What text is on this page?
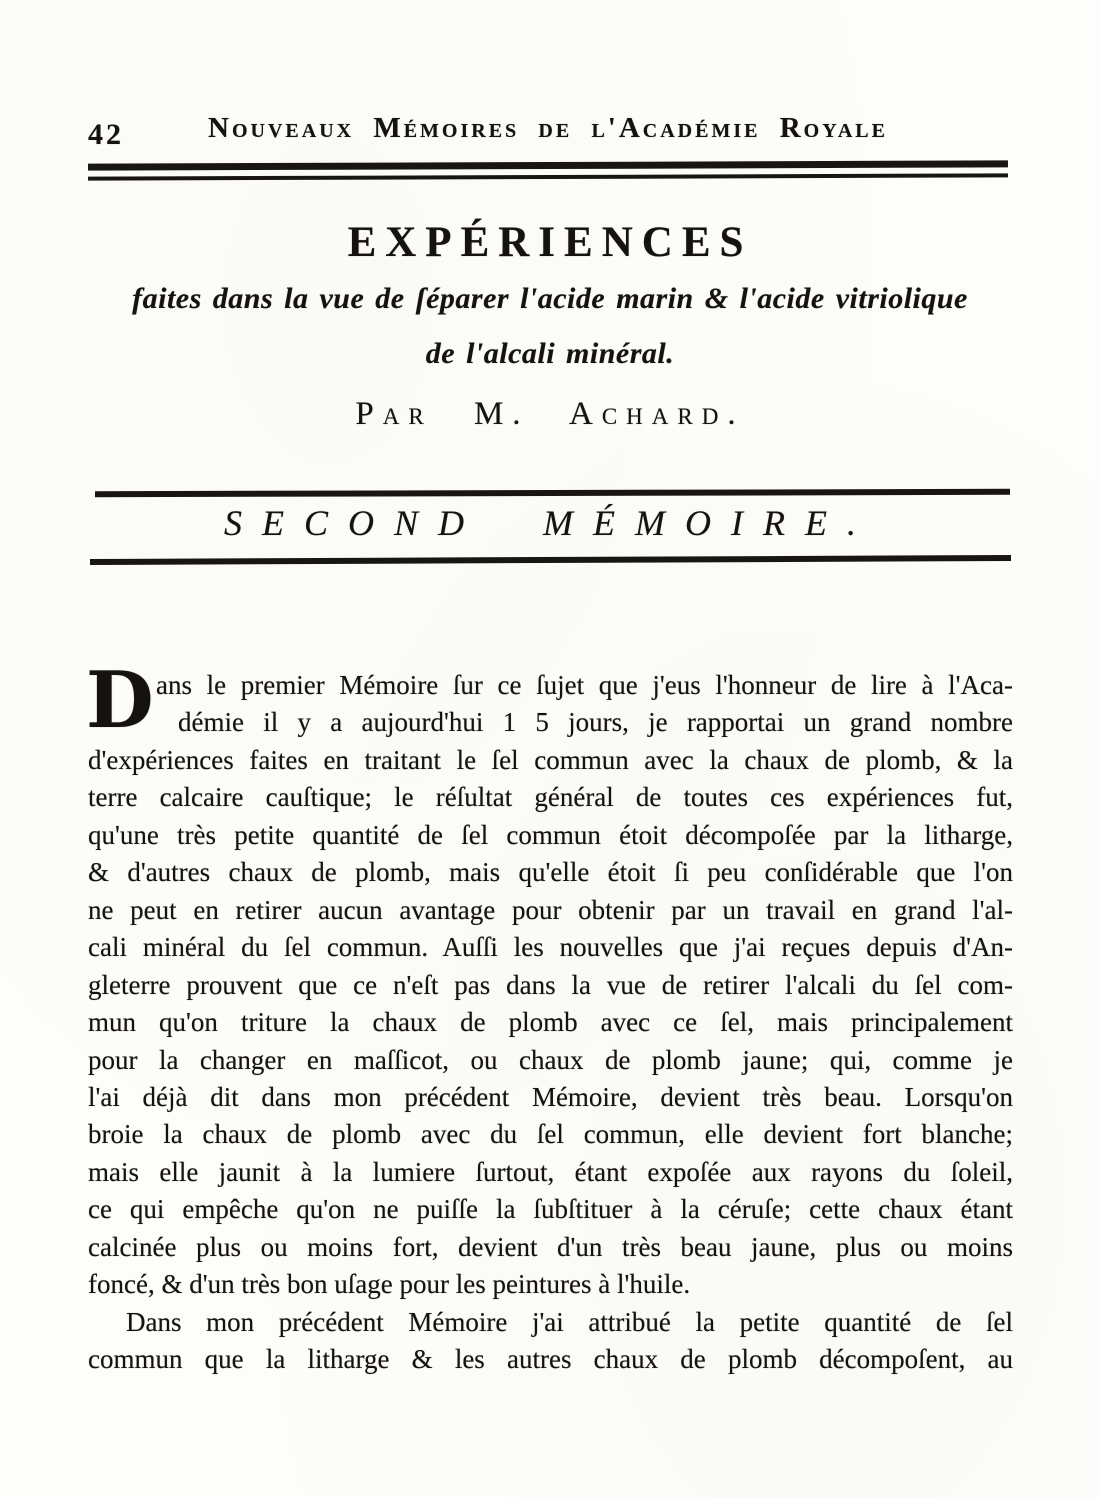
42	Nouveaux Mémoires de l'Académie Royale
EXPÉRIENCES
faites dans la vue de ſéparer l'acide marin & l'acide vitriolique
de l'alcali minéral.
Par M. Achard.
SECOND MÉMOIRE.
D ans le premier Mémoire ſur ce ſujet que j'eus l'honneur de lire à l'Aca-
démie il y a aujourd'hui 1 5 jours, je rapportai un grand nombre
d'expériences faites en traitant le ſel commun avec la chaux de plomb, & la
terre calcaire cauſtique; le réſultat général de toutes ces expériences fut,
qu'une très petite quantité de ſel commun étoit décompoſée par la litharge,
& d'autres chaux de plomb, mais qu'elle étoit ſi peu conſidérable que l'on
ne peut en retirer aucun avantage pour obtenir par un travail en grand l'al-
cali minéral du ſel commun. Auſſi les nouvelles que j'ai reçues depuis d'An-
gleterre prouvent que ce n'eſt pas dans la vue de retirer l'alcali du ſel com-
mun qu'on triture la chaux de plomb avec ce ſel, mais principalement
pour la changer en maſſicot, ou chaux de plomb jaune; qui, comme je
l'ai déjà dit dans mon précédent Mémoire, devient très beau. Lorsqu'on
broie la chaux de plomb avec du ſel commun, elle devient fort blanche;
mais elle jaunit à la lumiere ſurtout, étant expoſée aux rayons du ſoleil,
ce qui empêche qu'on ne puiſſe la ſubſtituer à la céruſe; cette chaux étant
calcinée plus ou moins fort, devient d'un très beau jaune, plus ou moins
foncé, & d'un très bon uſage pour les peintures à l'huile.
Dans mon précédent Mémoire j'ai attribué la petite quantité de ſel
commun que la litharge & les autres chaux de plomb décompoſent, au
